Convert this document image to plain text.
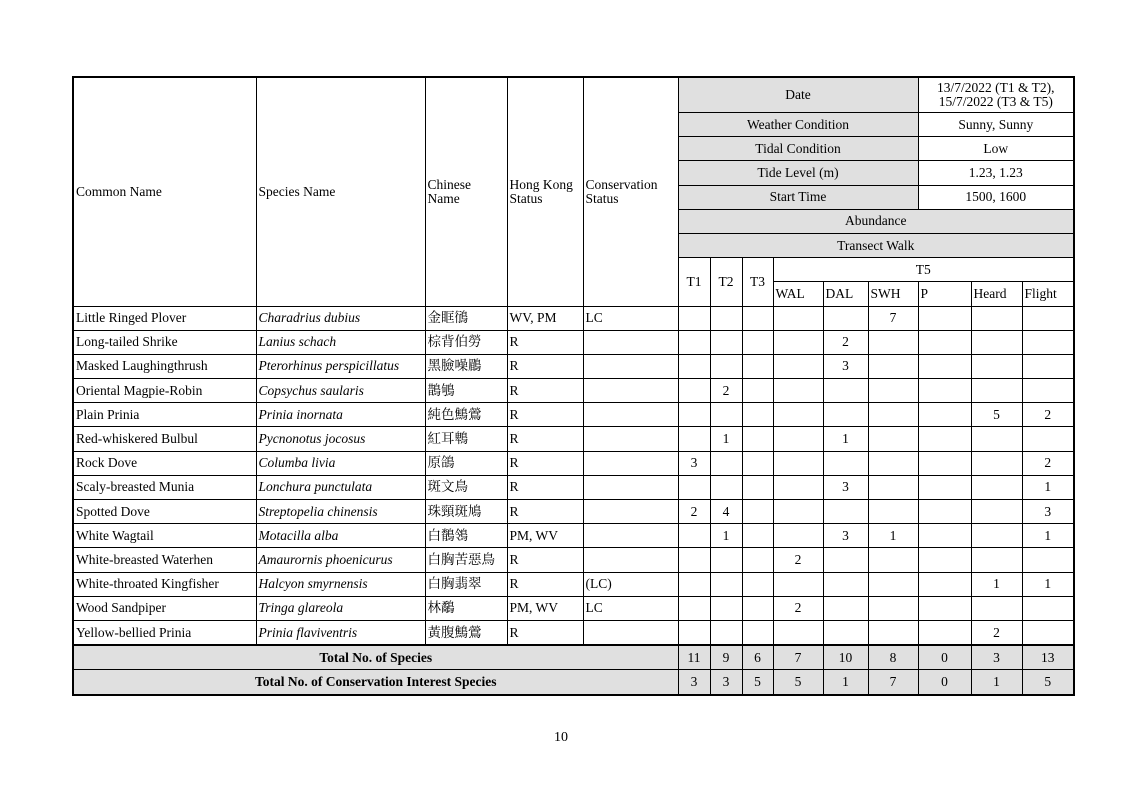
Common Name	Species Name	Chinese Name	Hong Kong Status	Conservation Status	Date						13/7/2022 (T1 & T2), 15/7/2022 (T3 & T5)		
					Weather Condition						Sunny, Sunny		
					Tidal Condition						Low		
					Tide Level (m)						1.23, 1.23		
					Start Time						1500, 1600		
					Abundance								
					Transect Walk								
					T1	T2	T3	T5					
								WAL	DAL	SWH	P	Heard	Flight
Little Ringed Plover	Charadrius dubius	金眶鴴	WV, PM	LC						7			
Long-tailed Shrike	Lanius schach	棕背伯勞	R						2				
Masked Laughingthrush	Pterorhinus perspicillatus	黑臉噪鶥	R						3				
Oriental Magpie-Robin	Copsychus saularis	鵲鴝	R			2							
Plain Prinia	Prinia inornata	純色鷦鶯	R									5	2
Red-whiskered Bulbul	Pycnonotus jocosus	紅耳鵯	R			1			1				
Rock Dove	Columba livia	原鴿	R		3								2
Scaly-breasted Munia	Lonchura punctulata	斑文鳥	R						3				1
Spotted Dove	Streptopelia chinensis	珠頸斑鳩	R		2	4							3
White Wagtail	Motacilla alba	白鶺鴒	PM, WV			1			3	1			1
White-breasted Waterhen	Amaurornis phoenicurus	白胸苦惡鳥	R					2					
White-throated Kingfisher	Halcyon smyrnensis	白胸翡翠	R	(LC)								1	1
Wood Sandpiper	Tringa glareola	林鷸	PM, WV	LC				2					
Yellow-bellied Prinia	Prinia flaviventris	黃腹鷦鶯	R									2	
Total No. of Species					11	9	6	7	10	8	0	3	13
Total No. of Conservation Interest Species					3	3	5	5	1	7	0	1	5
10
